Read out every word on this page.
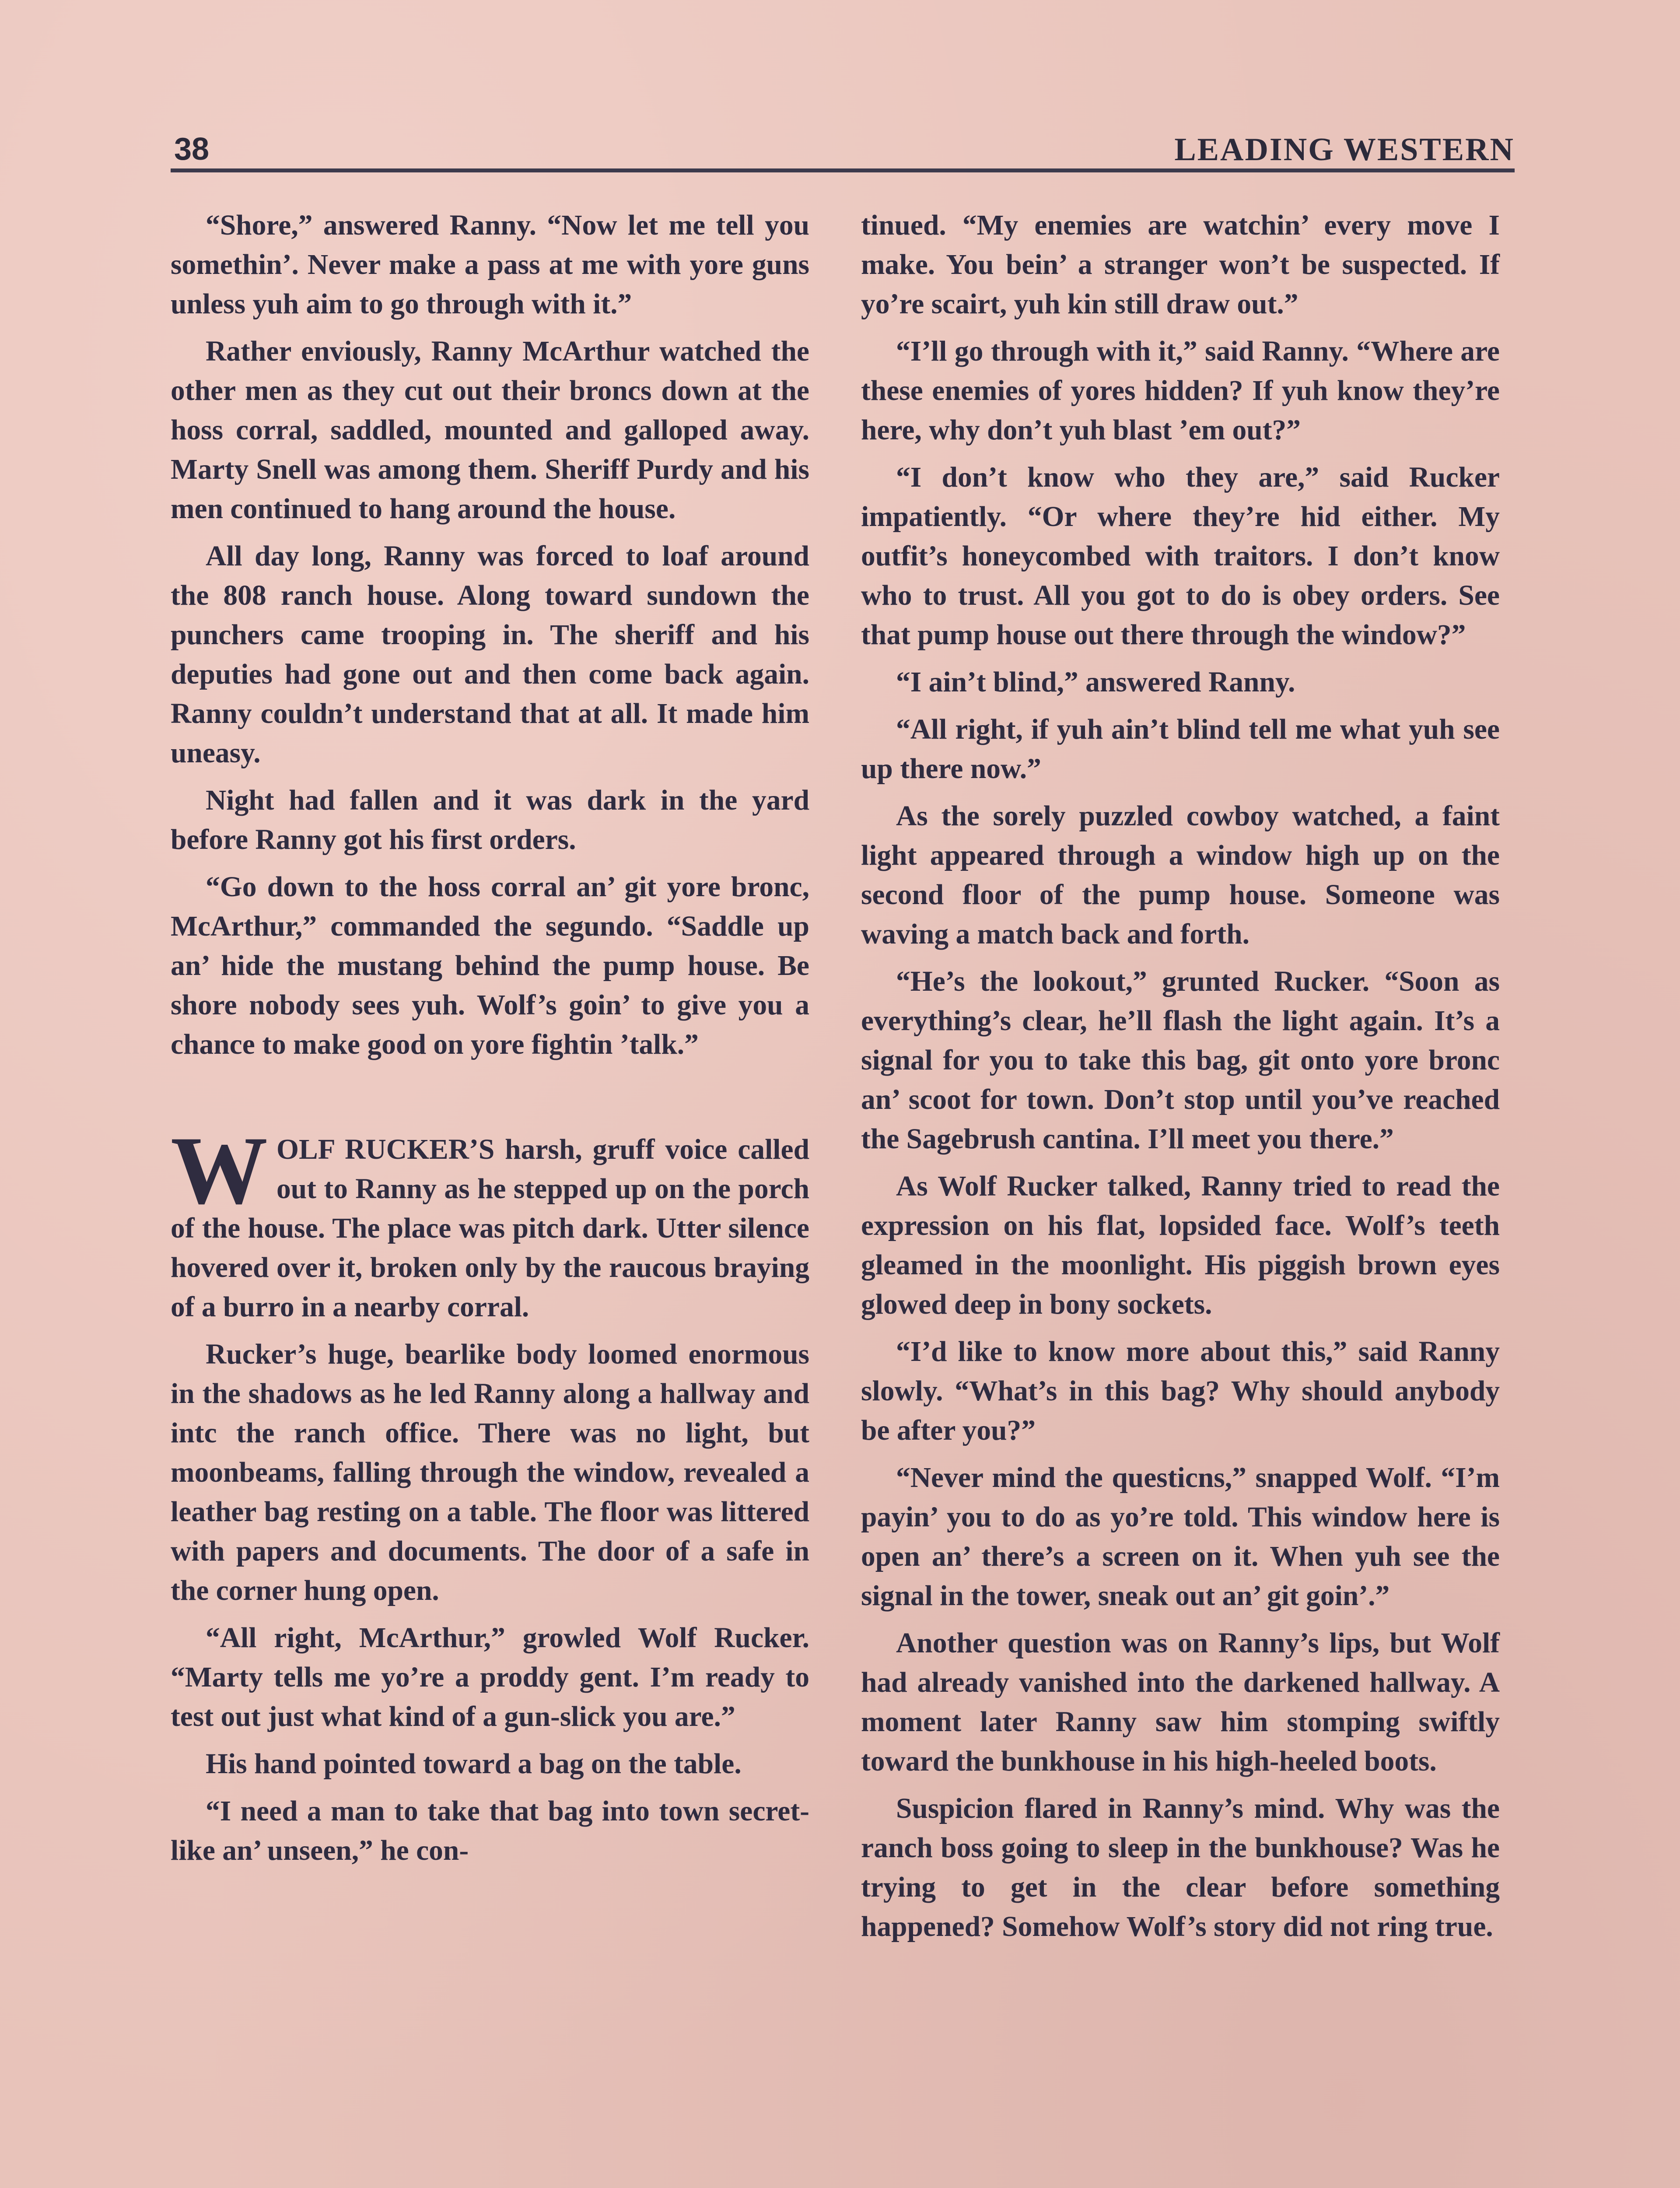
38	LEADING WESTERN

“Shore,” answered Ranny. “Now let me tell you somethin’. Never make a pass at me with yore guns unless yuh aim to go through with it.”

Rather enviously, Ranny McArthur watched the other men as they cut out their broncs down at the hoss corral, saddled, mounted and galloped away. Marty Snell was among them. Sheriff Purdy and his men continued to hang around the house.

All day long, Ranny was forced to loaf around the 808 ranch house. Along toward sundown the punchers came trooping in. The sheriff and his deputies had gone out and then come back again. Ranny couldn’t understand that at all. It made him uneasy.

Night had fallen and it was dark in the yard before Ranny got his first orders.

“Go down to the hoss corral an’ git yore bronc, McArthur,” commanded the segundo. “Saddle up an’ hide the mustang behind the pump house. Be shore nobody sees yuh. Wolf’s goin’ to give you a chance to make good on yore fightin ’talk.”

WOLF RUCKER’S harsh, gruff voice called out to Ranny as he stepped up on the porch of the house. The place was pitch dark. Utter silence hovered over it, broken only by the raucous braying of a burro in a nearby corral.

Rucker’s huge, bearlike body loomed enormous in the shadows as he led Ranny along a hallway and intc the ranch office. There was no light, but moonbeams, falling through the window, revealed a leather bag resting on a table. The floor was littered with papers and documents. The door of a safe in the corner hung open.

“All right, McArthur,” growled Wolf Rucker. “Marty tells me yo’re a proddy gent. I’m ready to test out just what kind of a gun-slick you are.”

His hand pointed toward a bag on the table.

“I need a man to take that bag into town secret-like an’ unseen,” he con-

tinued. “My enemies are watchin’ every move I make. You bein’ a stranger won’t be suspected. If yo’re scairt, yuh kin still draw out.”

“I’ll go through with it,” said Ranny. “Where are these enemies of yores hidden? If yuh know they’re here, why don’t yuh blast ’em out?”

“I don’t know who they are,” said Rucker impatiently. “Or where they’re hid either. My outfit’s honeycombed with traitors. I don’t know who to trust. All you got to do is obey orders. See that pump house out there through the window?”

“I ain’t blind,” answered Ranny.

“All right, if yuh ain’t blind tell me what yuh see up there now.”

As the sorely puzzled cowboy watched, a faint light appeared through a window high up on the second floor of the pump house. Someone was waving a match back and forth.

“He’s the lookout,” grunted Rucker. “Soon as everything’s clear, he’ll flash the light again. It’s a signal for you to take this bag, git onto yore bronc an’ scoot for town. Don’t stop until you’ve reached the Sagebrush cantina. I’ll meet you there.”

As Wolf Rucker talked, Ranny tried to read the expression on his flat, lopsided face. Wolf’s teeth gleamed in the moonlight. His piggish brown eyes glowed deep in bony sockets.

“I’d like to know more about this,” said Ranny slowly. “What’s in this bag? Why should anybody be after you?”

“Never mind the questicns,” snapped Wolf. “I’m payin’ you to do as yo’re told. This window here is open an’ there’s a screen on it. When yuh see the signal in the tower, sneak out an’ git goin’.”

Another question was on Ranny’s lips, but Wolf had already vanished into the darkened hallway. A moment later Ranny saw him stomping swiftly toward the bunkhouse in his high-heeled boots.

Suspicion flared in Ranny’s mind. Why was the ranch boss going to sleep in the bunkhouse? Was he trying to get in the clear before something happened? Somehow Wolf’s story did not ring true.
